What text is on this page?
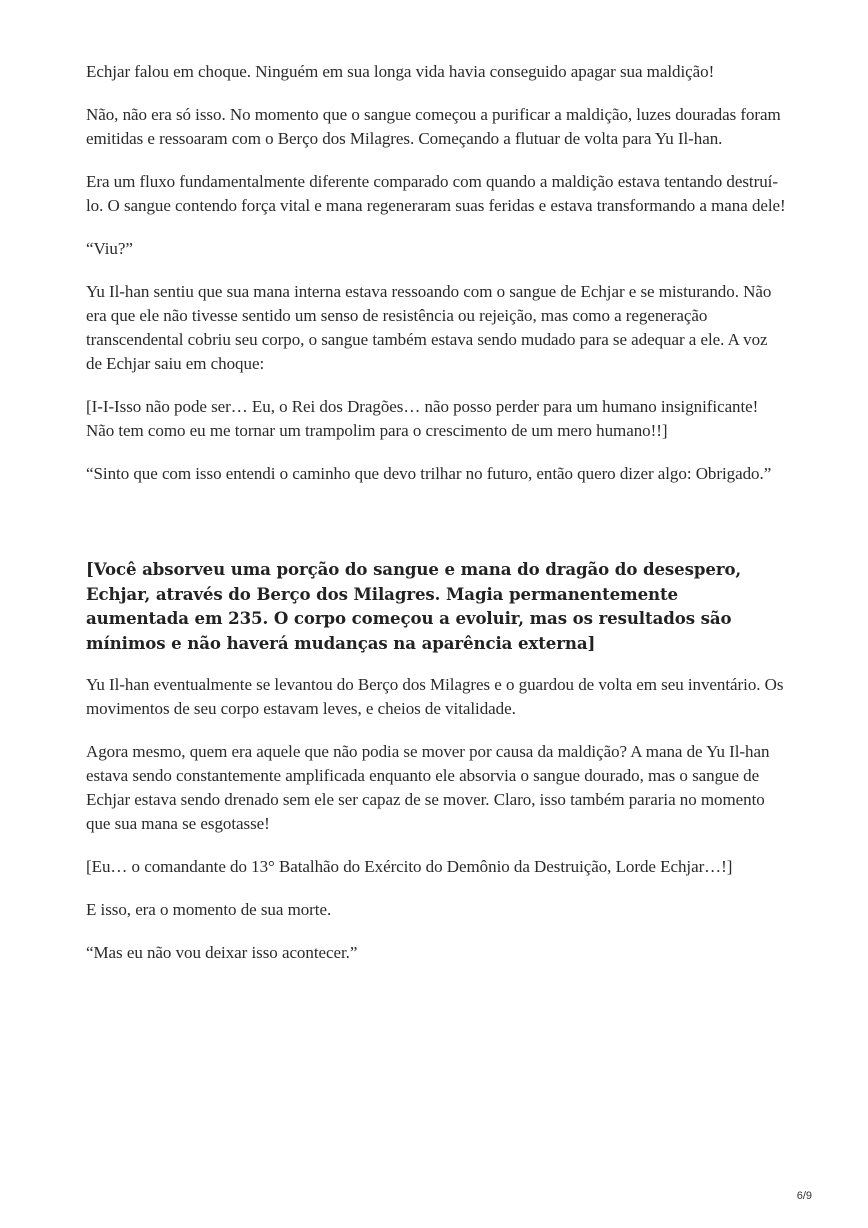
Echjar falou em choque. Ninguém em sua longa vida havia conseguido apagar sua maldição!

Não, não era só isso. No momento que o sangue começou a purificar a maldição, luzes douradas foram emitidas e ressoaram com o Berço dos Milagres. Começando a flutuar de volta para Yu Il-han.

Era um fluxo fundamentalmente diferente comparado com quando a maldição estava tentando destruí-lo. O sangue contendo força vital e mana regeneraram suas feridas e estava transformando a mana dele!

“Viu?”

Yu Il-han sentiu que sua mana interna estava ressoando com o sangue de Echjar e se misturando. Não era que ele não tivesse sentido um senso de resistência ou rejeição, mas como a regeneração transcendental cobriu seu corpo, o sangue também estava sendo mudado para se adequar a ele. A voz de Echjar saiu em choque:

[I-I-Isso não pode ser… Eu, o Rei dos Dragões… não posso perder para um humano insignificante! Não tem como eu me tornar um trampolim para o crescimento de um mero humano!!]

“Sinto que com isso entendi o caminho que devo trilhar no futuro, então quero dizer algo: Obrigado.”

[Você absorveu uma porção do sangue e mana do dragão do desespero, Echjar, através do Berço dos Milagres. Magia permanentemente aumentada em 235. O corpo começou a evoluir, mas os resultados são mínimos e não haverá mudanças na aparência externa]

Yu Il-han eventualmente se levantou do Berço dos Milagres e o guardou de volta em seu inventário. Os movimentos de seu corpo estavam leves, e cheios de vitalidade.

Agora mesmo, quem era aquele que não podia se mover por causa da maldição? A mana de Yu Il-han estava sendo constantemente amplificada enquanto ele absorvia o sangue dourado, mas o sangue de Echjar estava sendo drenado sem ele ser capaz de se mover. Claro, isso também pararia no momento que sua mana se esgotasse!

[Eu… o comandante do 13° Batalhão do Exército do Demônio da Destruição, Lorde Echjar…!]

E isso, era o momento de sua morte.

“Mas eu não vou deixar isso acontecer.”

6/9
